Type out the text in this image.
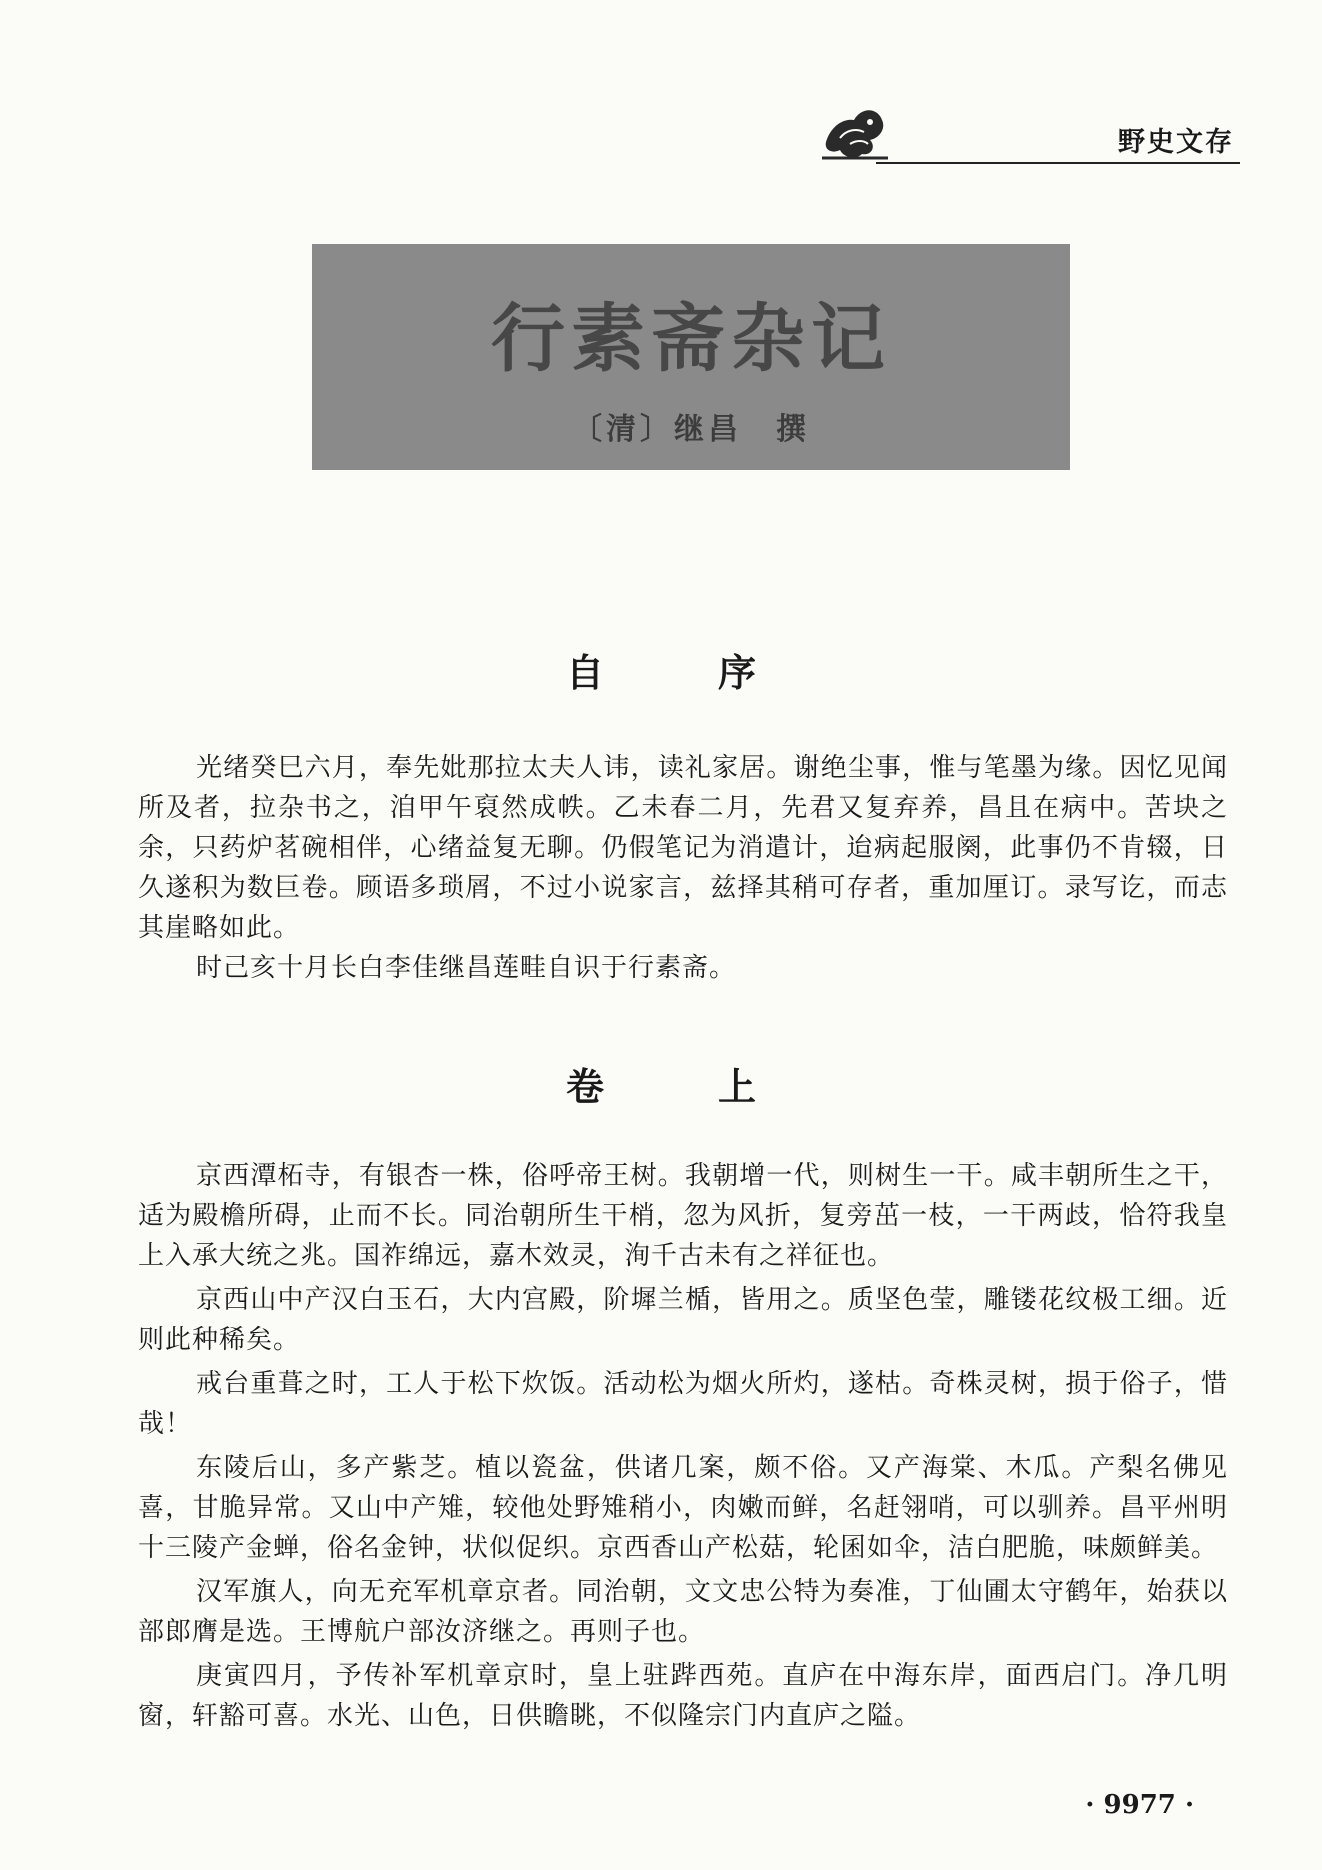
野史文存
行素斋杂记
〔清〕继昌　撰
自　序

光绪癸巳六月，奉先妣那拉太夫人讳，读礼家居。谢绝尘事，惟与笔墨为缘。因忆见闻所及者，拉杂书之，洎甲午裒然成帙。乙未春二月，先君又复弃养，昌且在病中。苦块之余，只药炉茗碗相伴，心绪益复无聊。仍假笔记为消遣计，迨病起服阕，此事仍不肯辍，日久遂积为数巨卷。顾语多琐屑，不过小说家言，兹择其稍可存者，重加厘订。录写讫，而志其崖略如此。

时己亥十月长白李佳继昌莲畦自识于行素斋。

卷　上

京西潭柘寺，有银杏一株，俗呼帝王树。我朝增一代，则树生一干。咸丰朝所生之干，适为殿檐所碍，止而不长。同治朝所生干梢，忽为风折，复旁茁一枝，一干两歧，恰符我皇上入承大统之兆。国祚绵远，嘉木效灵，洵千古未有之祥征也。

京西山中产汉白玉石，大内宫殿，阶墀兰楯，皆用之。质坚色莹，雕镂花纹极工细。近则此种稀矣。

戒台重葺之时，工人于松下炊饭。活动松为烟火所灼，遂枯。奇株灵树，损于俗子，惜哉！

东陵后山，多产紫芝。植以瓷盆，供诸几案，颇不俗。又产海棠、木瓜。产梨名佛见喜，甘脆异常。又山中产雉，较他处野雉稍小，肉嫩而鲜，名赶翎哨，可以驯养。昌平州明十三陵产金蝉，俗名金钟，状似促织。京西香山产松菇，轮囷如伞，洁白肥脆，味颇鲜美。

汉军旗人，向无充军机章京者。同治朝，文文忠公特为奏准，丁仙圃太守鹤年，始获以部郎膺是选。王博航户部汝济继之。再则子也。

庚寅四月，予传补军机章京时，皇上驻跸西苑。直庐在中海东岸，面西启门。净几明窗，轩豁可喜。水光、山色，日供瞻眺，不似隆宗门内直庐之隘。

· 9977 ·
